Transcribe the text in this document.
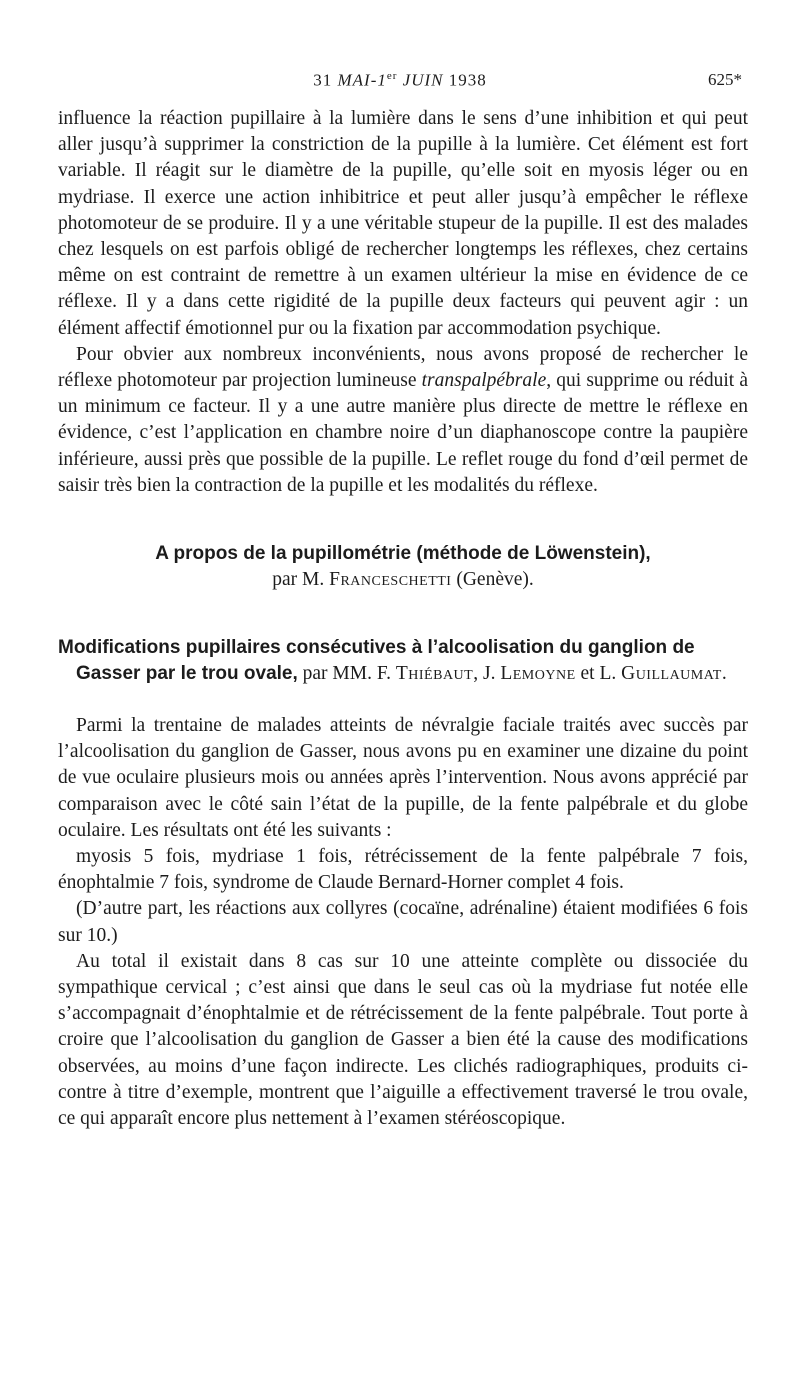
31 MAI-1er JUIN 1938	625*

influence la réaction pupillaire à la lumière dans le sens d’une inhibition et qui peut aller jusqu’à supprimer la constriction de la pupille à la lumière. Cet élément est fort variable. Il réagit sur le diamètre de la pupille, qu’elle soit en myosis léger ou en mydriase. Il exerce une action inhibitrice et peut aller jusqu’à empêcher le réflexe photomoteur de se produire. Il y a une véritable stupeur de la pupille. Il est des malades chez lesquels on est parfois obligé de rechercher longtemps les réflexes, chez certains même on est contraint de remettre à un examen ultérieur la mise en évidence de ce réflexe. Il y a dans cette rigidité de la pupille deux facteurs qui peuvent agir : un élément affectif émotionnel pur ou la fixation par accommodation psychique.

Pour obvier aux nombreux inconvénients, nous avons proposé de rechercher le réflexe photomoteur par projection lumineuse transpalpébrale, qui supprime ou réduit à un minimum ce facteur. Il y a une autre manière plus directe de mettre le réflexe en évidence, c’est l’application en chambre noire d’un diaphanoscope contre la paupière inférieure, aussi près que possible de la pupille. Le reflet rouge du fond d’œil permet de saisir très bien la contraction de la pupille et les modalités du réflexe.

A propos de la pupillométrie (méthode de Löwenstein),
par M. Franceschetti (Genève).

Modifications pupillaires consécutives à l’alcoolisation du ganglion de Gasser par le trou ovale, par MM. F. Thiébaut, J. Lemoyne et L. Guillaumat.

Parmi la trentaine de malades atteints de névralgie faciale traités avec succès par l’alcoolisation du ganglion de Gasser, nous avons pu en examiner une dizaine du point de vue oculaire plusieurs mois ou années après l’intervention. Nous avons apprécié par comparaison avec le côté sain l’état de la pupille, de la fente palpébrale et du globe oculaire. Les résultats ont été les suivants :

myosis 5 fois, mydriase 1 fois, rétrécissement de la fente palpébrale 7 fois, énophtalmie 7 fois, syndrome de Claude Bernard-Horner complet 4 fois.

(D’autre part, les réactions aux collyres (cocaïne, adrénaline) étaient modifiées 6 fois sur 10.)

Au total il existait dans 8 cas sur 10 une atteinte complète ou dissociée du sympathique cervical ; c’est ainsi que dans le seul cas où la mydriase fut notée elle s’accompagnait d’énophtalmie et de rétrécissement de la fente palpébrale. Tout porte à croire que l’alcoolisation du ganglion de Gasser a bien été la cause des modifications observées, au moins d’une façon indirecte. Les clichés radiographiques, produits ci-contre à titre d’exemple, montrent que l’aiguille a effectivement traversé le trou ovale, ce qui apparaît encore plus nettement à l’examen stéréoscopique.
